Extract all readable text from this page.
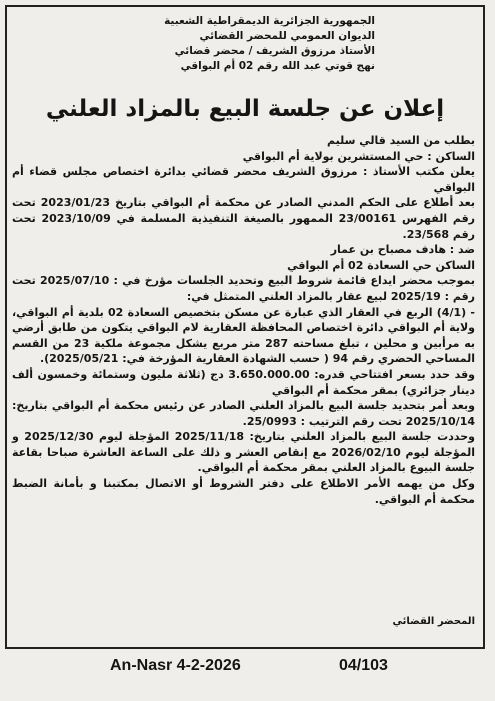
الجمهورية الجزائرية الديمقراطية الشعبية
الديوان العمومي للمحضر القضائي
الأستاذ مرزوق الشريف / محضر قضائي
نهج قوتي عبد الله رقم 02 أم البواقي
إعلان عن جلسة البيع بالمزاد العلني

بطلب من السيد قالي سليم

الساكن : حي المستشرين بولاية أم البواقي

يعلن مكتب الأستاذ : مرزوق الشريف محضر قضائي بدائرة اختصاص مجلس قضاء أم البواقي

بعد أطلاع على الحكم المدني الصادر عن محكمة أم البواقي بتاريخ 2023/01/23 تحت رقم الفهرس 23/00161 الممهور بالصيغة التنفيذية المسلمة في 2023/10/09 تحت رقم 23/568.

ضد : هادف مصباح بن عمار

الساكن حي السعادة 02 أم البواقي

بموجب محضر ايداع قائمة شروط البيع وتحديد الجلسات مؤرخ في : 2025/07/10 تحت رقم : 2025/19 لبيع عقار بالمزاد العلني المتمثل في:

- (4/1) الربع في العقار الذي عبارة عن مسكن بتخصيص السعادة 02 بلدية أم البواقي، ولاية أم البواقي دائرة اختصاص المحافظة العقارية لام البواقي يتكون من طابق أرضي به مرأبين و محلين ، تبلغ مساحته 287 متر مربع يشكل مجموعة ملكية 23 من القسم المساحي الحضري رقم 94 ( حسب الشهادة العقارية المؤرخة في: 2025/05/21).

وقد حدد بسعر افتتاحي قدره: 3.650.000.00 دج (ثلاثة مليون وستمائة وخمسون ألف دينار جزائري) بمقر محكمة أم البواقي

وبعد أمر بتحديد جلسة البيع بالمزاد العلني الصادر عن رئيس محكمة أم البواقي بتاريخ: 2025/10/14 تحت رقم الترتيب : 25/0993.

وحددت جلسة البيع بالمزاد العلني بتاريخ: 2025/11/18 المؤجلة ليوم 2025/12/30 و المؤجلة ليوم 2026/02/10 مع إنقاص العشر و ذلك على الساعة العاشرة صباحا بقاعة جلسة البيوع بالمزاد العلني بمقر محكمة أم البواقي.

وكل من يهمه الأمر الاطلاع على دفتر الشروط أو الاتصال بمكتبنا و بأمانة الضبط محكمة أم البواقي.

المحضر القضائي
An-Nasr 4-2-2026	04/103
